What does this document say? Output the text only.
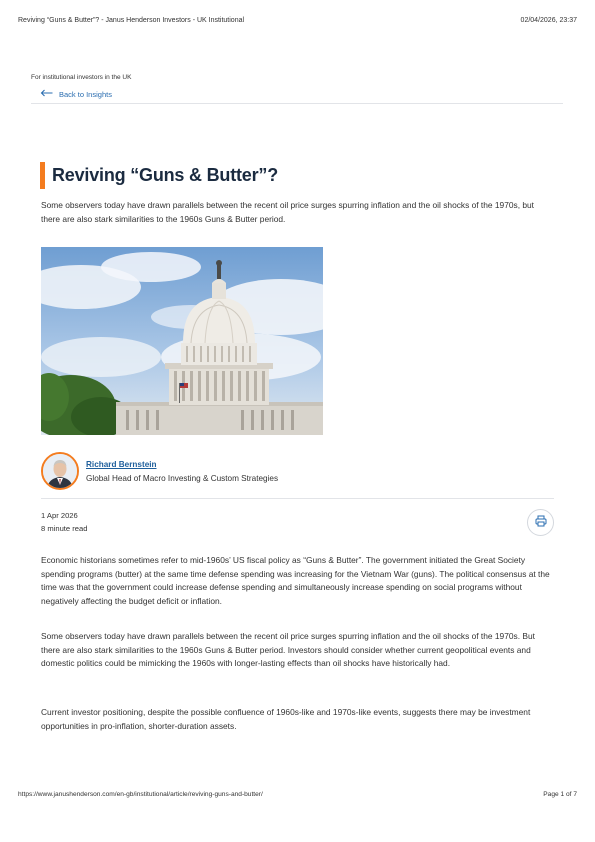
Reviving “Guns & Butter”? - Janus Henderson Investors - UK Institutional	02/04/2026, 23:37
For institutional investors in the UK
Back to Insights
Reviving “Guns & Butter”?

Some observers today have drawn parallels between the recent oil price surges spurring inflation and the oil shocks of the 1970s, but there are also stark similarities to the 1960s Guns & Butter period.

Richard Bernstein
Global Head of Macro Investing & Custom Strategies
1 Apr 2026
8 minute read

Economic historians sometimes refer to mid-1960s’ US fiscal policy as “Guns & Butter”. The government initiated the Great Society spending programs (butter) at the same time defense spending was increasing for the Vietnam War (guns). The political consensus at the time was that the government could increase defense spending and simultaneously increase spending on social programs without negatively affecting the budget deficit or inflation.

Some observers today have drawn parallels between the recent oil price surges spurring inflation and the oil shocks of the 1970s. But there are also stark similarities to the 1960s Guns & Butter period. Investors should consider whether current geopolitical events and domestic politics could be mimicking the 1960s with longer-lasting effects than oil shocks have historically had.

Current investor positioning, despite the possible confluence of 1960s-like and 1970s-like events, suggests there may be investment opportunities in pro-inflation, shorter-duration assets.

https://www.janushenderson.com/en-gb/institutional/article/reviving-guns-and-butter/	Page 1 of 7
